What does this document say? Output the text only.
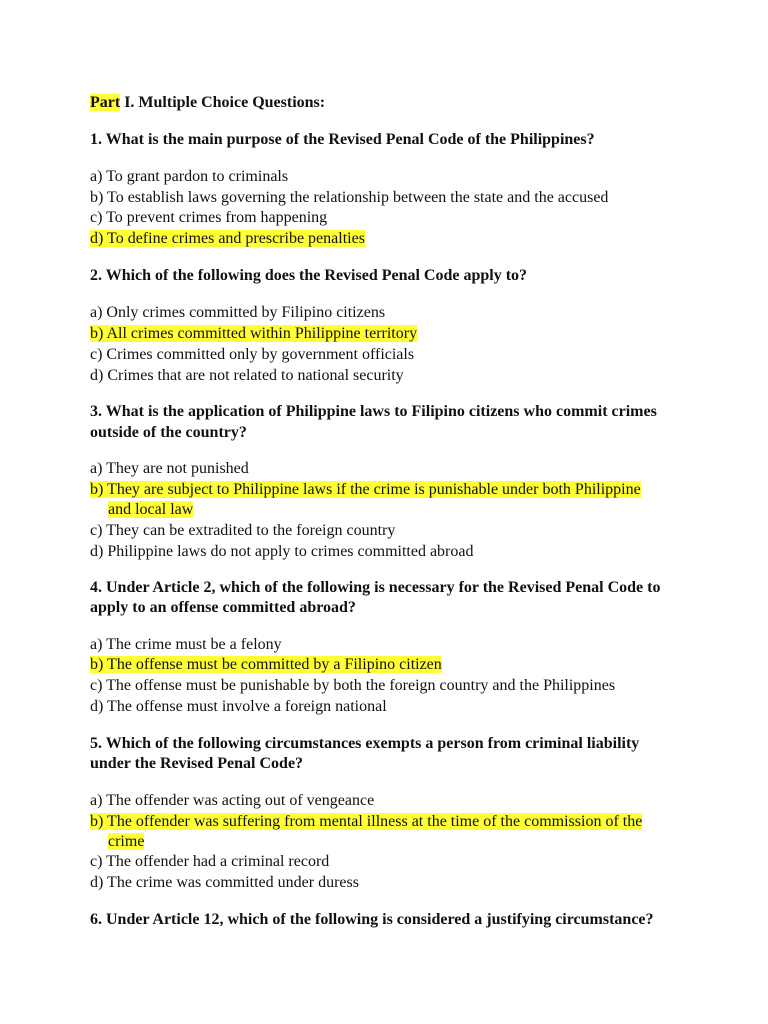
Part I. Multiple Choice Questions:
1. What is the main purpose of the Revised Penal Code of the Philippines?
a) To grant pardon to criminals
b) To establish laws governing the relationship between the state and the accused
c) To prevent crimes from happening
d) To define crimes and prescribe penalties
2. Which of the following does the Revised Penal Code apply to?
a) Only crimes committed by Filipino citizens
b) All crimes committed within Philippine territory
c) Crimes committed only by government officials
d) Crimes that are not related to national security
3. What is the application of Philippine laws to Filipino citizens who commit crimes
outside of the country?
a) They are not punished
b) They are subject to Philippine laws if the crime is punishable under both Philippine
and local law
c) They can be extradited to the foreign country
d) Philippine laws do not apply to crimes committed abroad
4. Under Article 2, which of the following is necessary for the Revised Penal Code to
apply to an offense committed abroad?
a) The crime must be a felony
b) The offense must be committed by a Filipino citizen
c) The offense must be punishable by both the foreign country and the Philippines
d) The offense must involve a foreign national
5. Which of the following circumstances exempts a person from criminal liability
under the Revised Penal Code?
a) The offender was acting out of vengeance
b) The offender was suffering from mental illness at the time of the commission of the
crime
c) The offender had a criminal record
d) The crime was committed under duress
6. Under Article 12, which of the following is considered a justifying circumstance?
